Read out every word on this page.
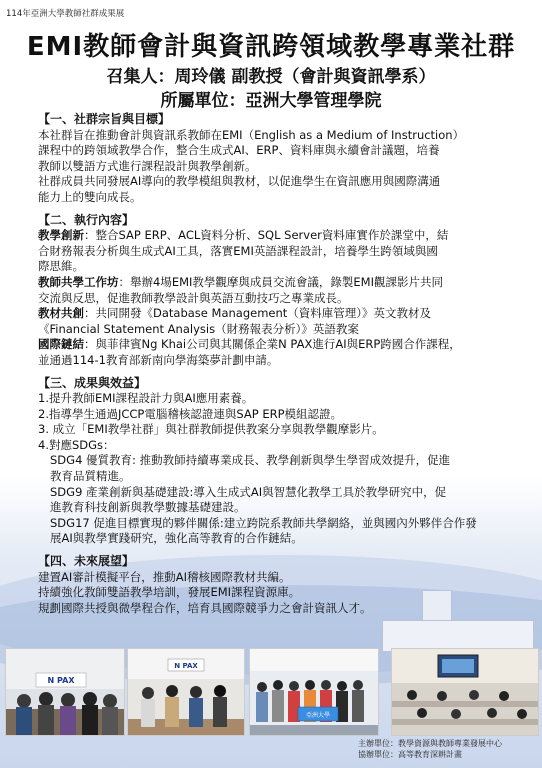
114年亞洲大學教師社群成果展
EMI教師會計與資訊跨領域教學專業社群
召集人：周玲儀 副教授（會計與資訊學系）
所屬單位：亞洲大學管理學院
【一、社群宗旨與目標】

本社群旨在推動會計與資訊系教師在EMI（English as a Medium of Instruction）

課程中的跨領域教學合作，整合生成式AI、ERP、資料庫與永續會計議題，培養

教師以雙語方式進行課程設計與教學創新。

社群成員共同發展AI導向的教學模組與教材，以促進學生在資訊應用與國際溝通

能力上的雙向成長。

【二、執行內容】

教學創新：整合SAP ERP、ACL資料分析、SQL Server資料庫實作於課堂中，結

合財務報表分析與生成式AI工具，落實EMI英語課程設計，培養學生跨領域與國

際思維。

教師共學工作坊：舉辦4場EMI教學觀摩與成員交流會議，錄製EMI觀課影片共同

交流與反思，促進教師教學設計與英語互動技巧之專業成長。

教材共創：共同開發《Database Management（資料庫管理）》英文教材及

《Financial Statement Analysis（財務報表分析）》英語教案

國際鏈結：與菲律賓Ng Khai公司與其關係企業N PAX進行AI與ERP跨國合作課程，

並通過114-1教育部新南向學海築夢計劃申請。

【三、成果與效益】

1.提升教師EMI課程設計力與AI應用素養。

2.指導學生通過JCCP電腦稽核認證連與SAP ERP模組認證。

3. 成立「EMI教學社群」與社群教師提供教案分享與教學觀摩影片。

4.對應SDGs：

SDG4 優質教育: 推動教師持續專業成長、教學創新與學生學習成效提升，促進

教育品質精進。

SDG9 產業創新與基礎建設:導入生成式AI與智慧化教學工具於教學研究中，促

進教育科技創新與教學數據基礎建設。

SDG17 促進目標實現的夥伴關係:建立跨院系教師共學網絡，並與國內外夥伴合作發

展AI與教學實踐研究，強化高等教育的合作鏈結。

【四、未來展望】

建置AI審計模擬平台，推動AI稽核國際教材共編。

持續強化教師雙語教學培訓，發展EMI課程資源庫。

規劃國際共授與微學程合作，培育具國際競爭力之會計資訊人才。

N PAX
N PAX
亞洲大學
主辦單位：教學資源與教師專業發展中心
協辦單位：高等教育深耕計畫
